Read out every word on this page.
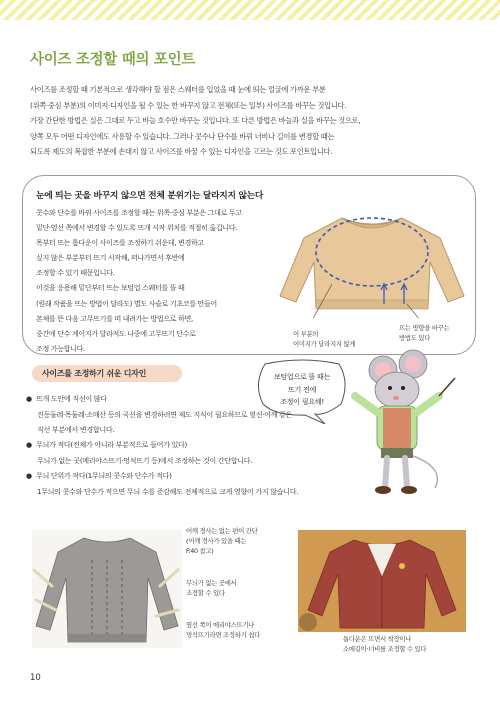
사이즈 조정할 때의 포인트
사이즈를 조정할 때 기본적으로 생각해야 할 점은 스웨터를 입었을 때 눈에 띄는 얼굴에 가까운 부분
(위쪽·중심 부분)의 이미지·디자인을 될 수 있는 한 바꾸지 않고 전체(또는 일부) 사이즈를 바꾸는 것입니다.
가장 간단한 방법은 실은 그대로 두고 바늘 호수만 바꾸는 것입니다. 또 다른 방법은 바늘과 실을 바꾸는 것으로,
양쪽 모두 어떤 디자인에도 사용할 수 있습니다. 그러나 콧수나 단수를 바꿔 너비나 길이를 변경할 때는
되도록 제도의 복잡한 부분에 손대지 않고 사이즈를 바꿀 수 있는 디자인을 고르는 것도 포인트입니다.
눈에 띄는 곳을 바꾸지 않으면 전체 분위기는 달라지지 않는다
콧수와 단수를 바꿔 사이즈를 조정할 때는 위쪽·중심 부분은 그대로 두고
밑단·옆선 쪽에서 변경할 수 있도록 뜨개 시작 위치를 적절히 옮깁니다.
목부터 뜨는 톱다운이 사이즈를 조정하기 쉬운데, 변경하고
싶지 않은 부분부터 뜨기 시작해, 떠나가면서 후반에
조정할 수 있기 때문입니다.
이것을 응용해 밑단부터 뜨는 보텀업 스웨터를 뜰 때
(원래 작품을 뜨는 방법이 달라도) 별도 사슬로 기초코를 만들어
본체를 뜬 다음 고무뜨기를 떠 내려가는 방법으로 하면,
중간에 단수 게이지가 달라져도 나중에 고무뜨기 단수로
조정 가능합니다.
이 부분의
이미지가 달라지지 않게
뜨는 방향을 바꾸는
방법도 있다
사이즈를 조정하기 쉬운 디자인	보텀업으로 뜰 때는
뜨기 전에
조정이 필요해!
● 뜨개 도안에 직선이 많다
진동둘레·목둘레·소매산 등의 곡선을 변경하려면 제도 지식이 필요하므로 옆선·어깨 같은
직선 부분에서 변경합니다.
● 무늬가 적다(전체가 아니라 부분적으로 들어가 있다)
무늬가 없는 곳(메리야스뜨기·멍석뜨기 등)에서 조정하는 것이 간단합니다.
● 무늬 단위가 작다(1무늬의 콧수와 단수가 적다)
1무늬의 콧수와 단수가 적으면 무늬 수를 증감해도 전체적으로 크게 영향이 가지 않습니다.
어깨 경사는 없는 편이 간단
(어깨 경사가 있을 때는
P.40 참고)
무늬가 없는 곳에서
조정할 수 있다
옆선 쪽이 메리야스뜨기나
멍석뜨기라면 조정하기 쉽다
톱다운은 뜨면서 착장이나
소매길이·너비를 조정할 수 있다
10
